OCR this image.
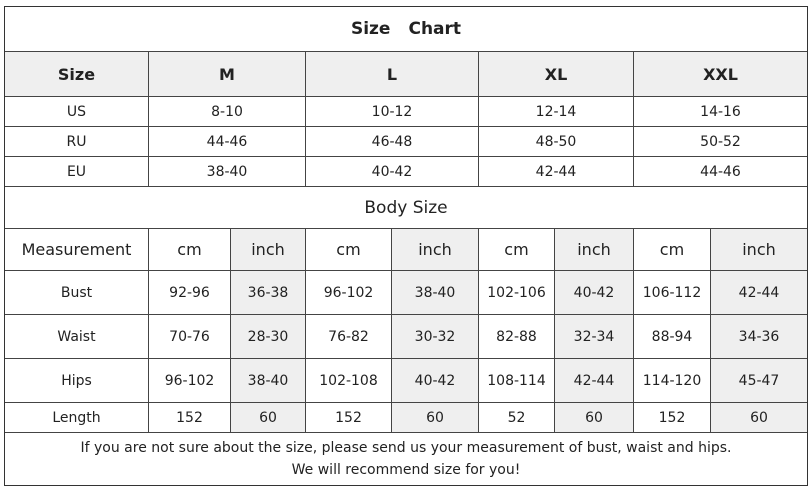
Size Chart
Size	M	L	XL	XXL
US	8-10	10-12	12-14	14-16
RU	44-46	46-48	48-50	50-52
EU	38-40	40-42	42-44	44-46
Body Size
Measurement	cm	inch	cm	inch	cm	inch	cm	inch
Bust	92-96	36-38	96-102	38-40	102-106	40-42	106-112	42-44
Waist	70-76	28-30	76-82	30-32	82-88	32-34	88-94	34-36
Hips	96-102	38-40	102-108	40-42	108-114	42-44	114-120	45-47
Length	152	60	152	60	52	60	152	60
If you are not sure about the size, please send us your measurement of bust, waist and hips.
We will recommend size for you!
